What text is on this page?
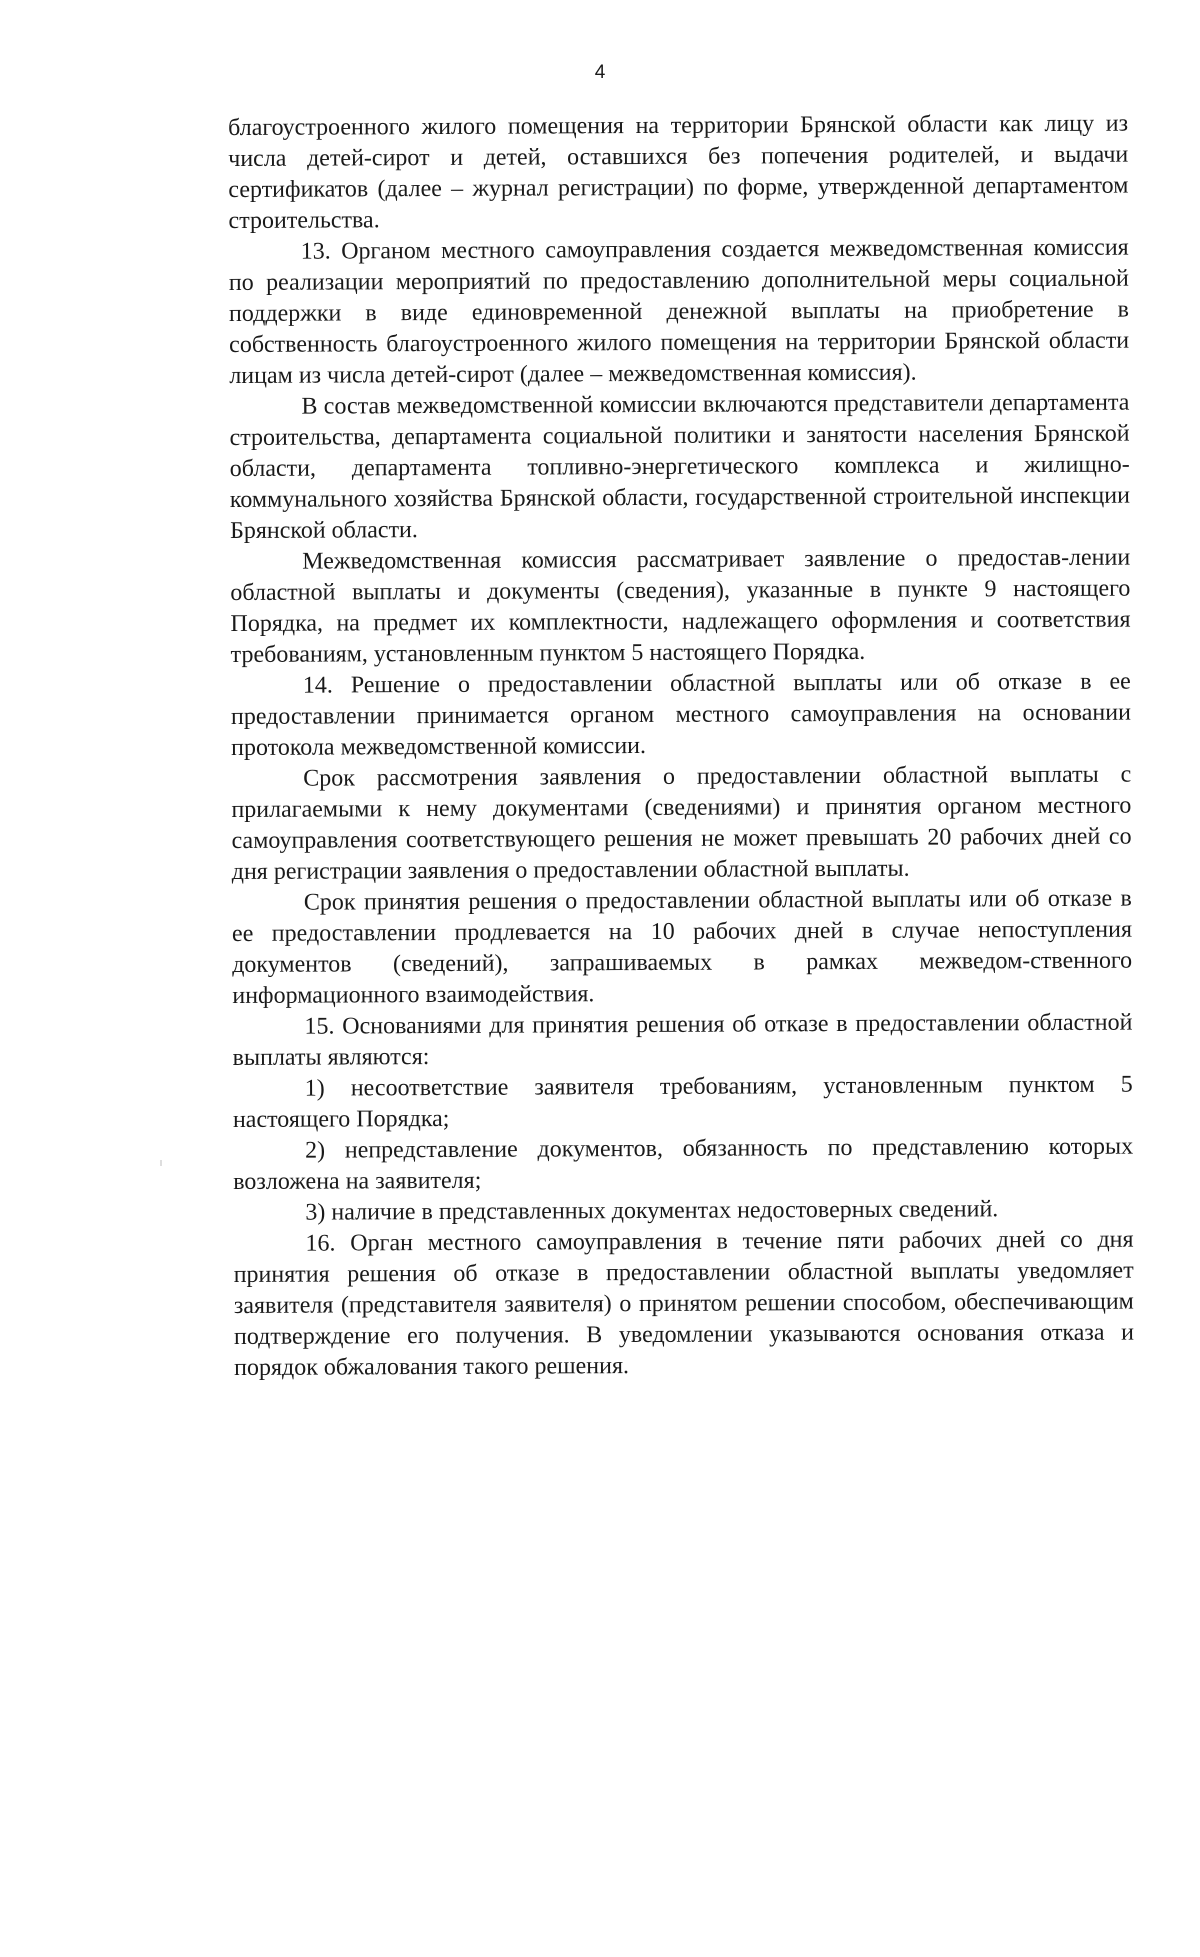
4

благоустроенного жилого помещения на территории Брянской области как лицу из числа детей-сирот и детей, оставшихся без попечения родителей, и выдачи сертификатов (далее – журнал регистрации) по форме, утвержденной департаментом строительства.

13. Органом местного самоуправления создается межведомственная комиссия по реализации мероприятий по предоставлению дополнительной меры социальной поддержки в виде единовременной денежной выплаты на приобретение в собственность благоустроенного жилого помещения на территории Брянской области лицам из числа детей-сирот (далее – межведомственная комиссия).

В состав межведомственной комиссии включаются представители департамента строительства, департамента социальной политики и занятости населения Брянской области, департамента топливно-энергетического комплекса и жилищно-коммунального хозяйства Брянской области, государственной строительной инспекции Брянской области.

Межведомственная комиссия рассматривает заявление о предостав-лении областной выплаты и документы (сведения), указанные в пункте 9 настоящего Порядка, на предмет их комплектности, надлежащего оформления и соответствия требованиям, установленным пунктом 5 настоящего Порядка.

14. Решение о предоставлении областной выплаты или об отказе в ее предоставлении принимается органом местного самоуправления на основании протокола межведомственной комиссии.

Срок рассмотрения заявления о предоставлении областной выплаты с прилагаемыми к нему документами (сведениями) и принятия органом местного самоуправления соответствующего решения не может превышать 20 рабочих дней со дня регистрации заявления о предоставлении областной выплаты.

Срок принятия решения о предоставлении областной выплаты или об отказе в ее предоставлении продлевается на 10 рабочих дней в случае непоступления документов (сведений), запрашиваемых в рамках межведом-ственного информационного взаимодействия.

15. Основаниями для принятия решения об отказе в предоставлении областной выплаты являются:

1) несоответствие заявителя требованиям, установленным пунктом 5 настоящего Порядка;

2) непредставление документов, обязанность по представлению которых возложена на заявителя;

3) наличие в представленных документах недостоверных сведений.

16. Орган местного самоуправления в течение пяти рабочих дней со дня принятия решения об отказе в предоставлении областной выплаты уведомляет заявителя (представителя заявителя) о принятом решении способом, обеспечивающим подтверждение его получения. В уведомлении указываются основания отказа и порядок обжалования такого решения.
